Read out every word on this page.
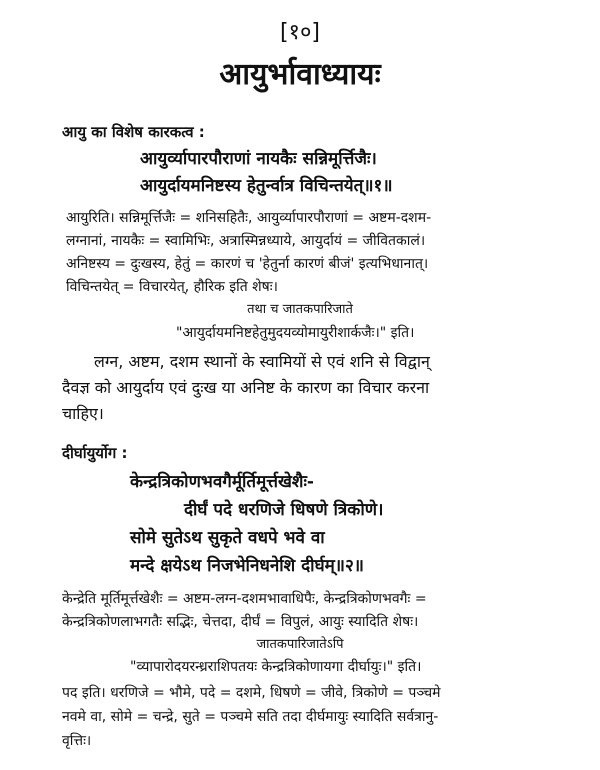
[१०]
आयुर्भावाध्यायः
आयु का विशेष कारकत्व :
आयुर्व्यापारपौराणां नायकैः सन्निमूर्त्तिजैः।
आयुर्दायमनिष्टस्य हेतुर्न्वात्र विचिन्तयेत्॥१॥
आयुरिति। सन्निमूर्त्तिजैः = शनिसहितैः, आयुर्व्यापारपौराणां = अष्टम-दशम-
लग्नानां, नायकैः = स्वामिभिः, अत्रास्मिन्नध्याये, आयुर्दायं = जीवितकालं।
अनिष्टस्य = दुःखस्य, हेतुं = कारणं च 'हेतुर्ना कारणं बीजं' इत्यभिधानात्।
विचिन्तयेत् = विचारयेत्, हौरिक इति शेषः।
तथा च जातकपारिजाते
"आयुर्दायमनिष्टहेतुमुदयव्योमायुरीशार्कजैः।" इति।
लग्न, अष्टम, दशम स्थानों के स्वामियों से एवं शनि से विद्वान्
दैवज्ञ को आयुर्दाय एवं दुःख या अनिष्ट के कारण का विचार करना
चाहिए।
दीर्घायुर्योग :
केन्द्रत्रिकोणभवगैर्मूर्तिमूर्त्तखेशैः-
दीर्घं पदे धरणिजे धिषणे त्रिकोणे।
सोमे सुतेऽथ सुकृते वधपे भवे वा
मन्दे क्षयेऽथ निजभेनिधनेशि दीर्घम्॥२॥
केन्द्रेति मूर्तिमूर्त्तखेशैः = अष्टम-लग्न-दशमभावाधिपैः, केन्द्रत्रिकोणभवगैः =
केन्द्रत्रिकोणलाभगतैः सद्भिः, चेत्तदा, दीर्घं = विपुलं, आयुः स्यादिति शेषः।
जातकपारिजातेऽपि
"व्यापारोदयरन्ध्रराशिपतयः केन्द्रत्रिकोणायगा दीर्घायुः।" इति।
पद इति। धरणिजे = भौमे, पदे = दशमे, धिषणे = जीवे, त्रिकोणे = पञ्चमे
नवमे वा, सोमे = चन्द्रे, सुते = पञ्चमे सति तदा दीर्घमायुः स्यादिति सर्वत्रानु-
वृत्तिः।
